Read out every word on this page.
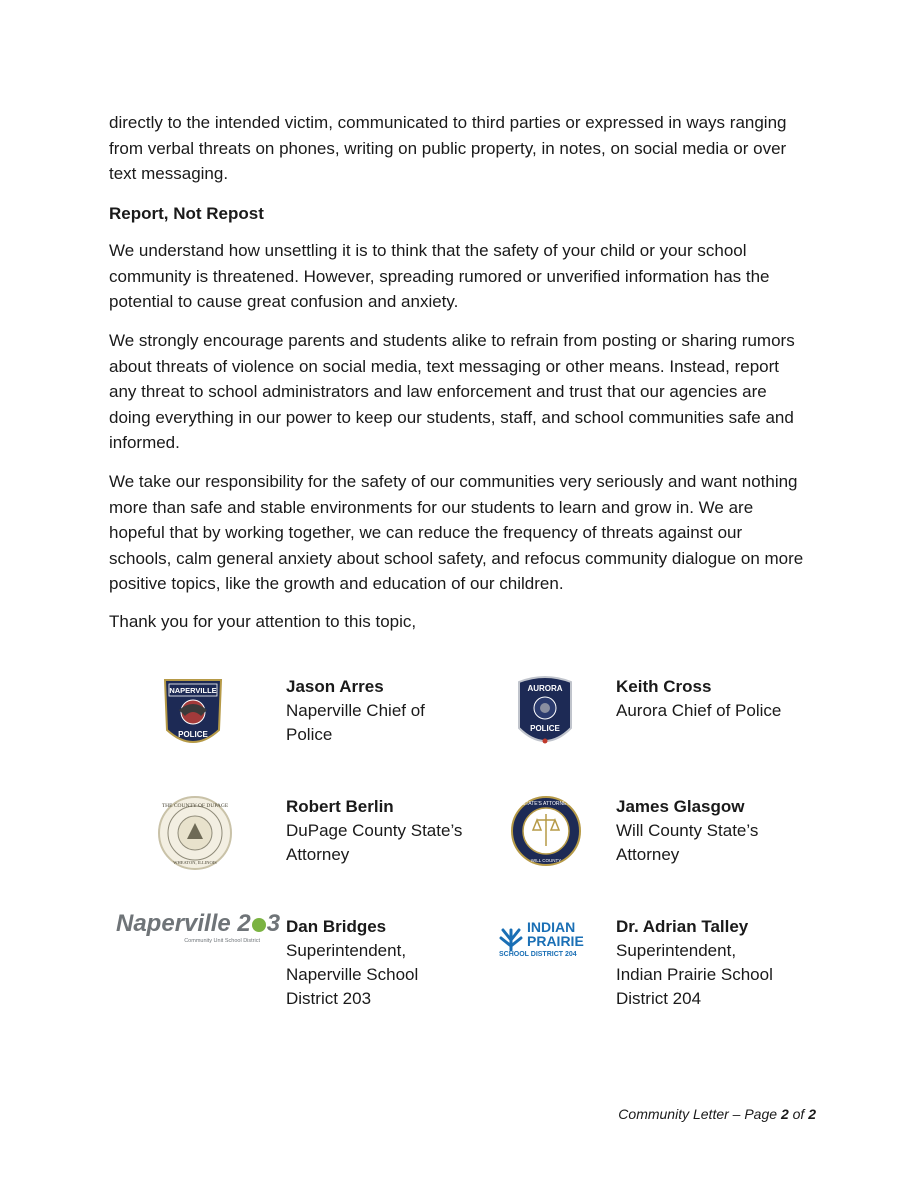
directly to the intended victim, communicated to third parties or expressed in ways ranging from verbal threats on phones, writing on public property, in notes, on social media or over text messaging.

Report, Not Repost

We understand how unsettling it is to think that the safety of your child or your school community is threatened. However, spreading rumored or unverified information has the potential to cause great confusion and anxiety.

We strongly encourage parents and students alike to refrain from posting or sharing rumors about threats of violence on social media, text messaging or other means. Instead, report any threat to school administrators and law enforcement and trust that our agencies are doing everything in our power to keep our students, staff, and school communities safe and informed.

We take our responsibility for the safety of our communities very seriously and want nothing more than safe and stable environments for our students to learn and grow in. We are hopeful that by working together, we can reduce the frequency of threats against our schools, calm general anxiety about school safety, and refocus community dialogue on more positive topics, like the growth and education of our children.

Thank you for your attention to this topic,

NAPERVILLE
POLICE
Jason Arres
Naperville Chief of
Police
AURORA
POLICE
Keith Cross
Aurora Chief of Police
THE COUNTY OF DUPAGE
WHEATON, ILLINOIS
Robert Berlin
DuPage County State’s
Attorney
STATE'S ATTORNEY
WILL COUNTY
James Glasgow
Will County State’s
Attorney
Naperville 2 3
Community Unit School District
Dan Bridges
Superintendent,
Naperville School
District 203
INDIAN
PRAIRIE
SCHOOL DISTRICT 204
Dr. Adrian Talley
Superintendent,
Indian Prairie School
District 204
Community Letter – Page 2 of 2
